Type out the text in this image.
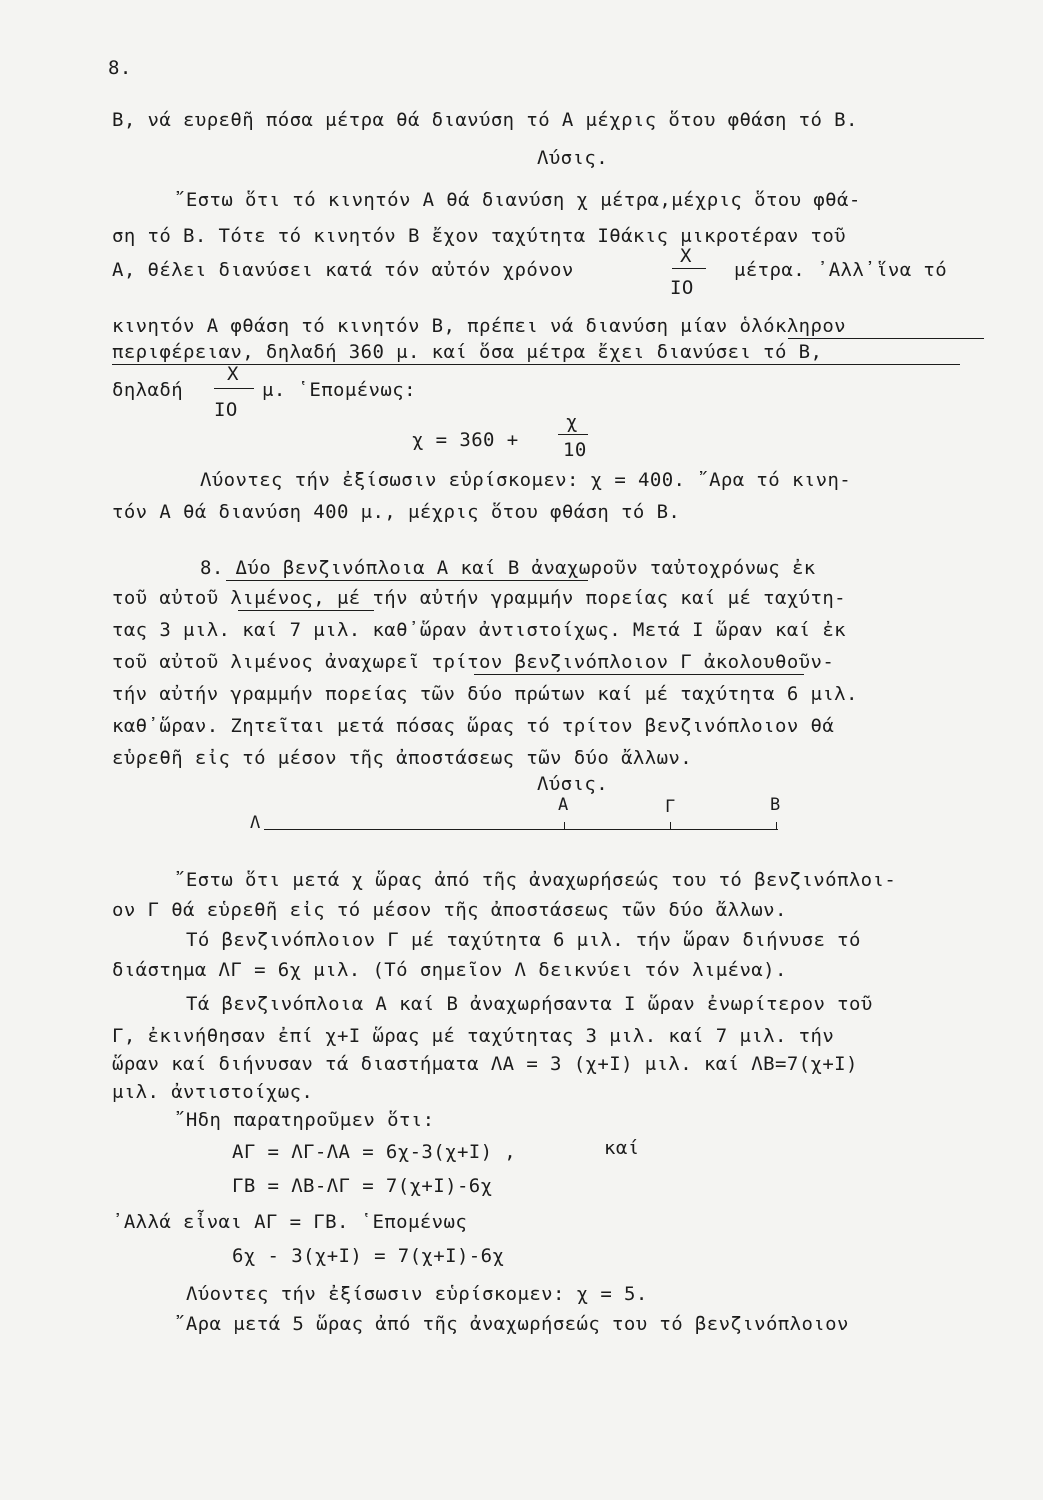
8.
Β, νά ευρεθῆ πόσα μέτρα θά διανύση τό Α μέχρις ὅτου φθάση τό Β.
Λύσις.
῎Εστω ὅτι τό κινητόν Α θά διανύση χ μέτρα,μέχρις ὅτου φθά-
ση τό Β. Τότε τό κινητόν Β ἔχον ταχύτητα Ιθάκις μικροτέραν τοῦ
Α, θέλει διανύσει κατά τόν αὐτόν χρόνον
Χ
ΙΟ
μέτρα. ᾿Αλλ᾿ἵνα τό
κινητόν Α φθάση τό κινητόν Β, πρέπει νά διανύση μίαν ὁλόκληρον
περιφέρειαν, δηλαδή 360 μ. καί ὅσα μέτρα ἔχει διανύσει τό Β,
δηλαδή
Χ
ΙΟ
μ. ῾Επομένως:
χ = 360 +
χ
10
Λύοντες τήν ἐξίσωσιν εὑρίσκομεν: χ = 400. ῎Αρα τό κινη-
τόν Α θά διανύση 400 μ., μέχρις ὅτου φθάση τό Β.
8. Δύο βενζινόπλοια Α καί Β ἀναχωροῦν ταὐτοχρόνως ἐκ
τοῦ αὐτοῦ λιμένος, μέ τήν αὐτήν γραμμήν πορείας καί μέ ταχύτη-
τας 3 μιλ. καί 7 μιλ. καθ᾿ὥραν ἀντιστοίχως. Μετά Ι ὥραν καί ἐκ
τοῦ αὐτοῦ λιμένος ἀναχωρεῖ τρίτον βενζινόπλοιον Γ ἀκολουθοῦν-
τήν αὐτήν γραμμήν πορείας τῶν δύο πρώτων καί μέ ταχύτητα 6 μιλ.
καθ᾿ὥραν. Ζητεῖται μετά πόσας ὥρας τό τρίτον βενζινόπλοιον θά
εὑρεθῆ εἰς τό μέσον τῆς ἀποστάσεως τῶν δύο ἄλλων.
Λύσις.
Λ
Α	Γ	Β
῎Εστω ὅτι μετά χ ὥρας ἀπό τῆς ἀναχωρήσεώς του τό βενζινόπλοι-
ον Γ θά εὑρεθῆ εἰς τό μέσον τῆς ἀποστάσεως τῶν δύο ἄλλων.
Τό βενζινόπλοιον Γ μέ ταχύτητα 6 μιλ. τήν ὥραν διήνυσε τό
διάστημα ΛΓ = 6χ μιλ. (Τό σημεῖον Λ δεικνύει τόν λιμένα).
Τά βενζινόπλοια Α καί Β ἀναχωρήσαντα Ι ὥραν ἐνωρίτερον τοῦ
Γ, ἐκινήθησαν ἐπί χ+Ι ὥρας μέ ταχύτητας 3 μιλ. καί 7 μιλ. τήν
ὥραν καί διήνυσαν τά διαστήματα ΛΑ = 3 (χ+Ι) μιλ. καί ΛΒ=7(χ+Ι)
μιλ. ἀντιστοίχως.
῎Ηδη παρατηροῦμεν ὅτι:
ΑΓ = ΛΓ-ΛΑ = 6χ-3(χ+Ι) ,	καί
ΓΒ = ΛΒ-ΛΓ = 7(χ+Ι)-6χ
᾿Αλλά εἶναι ΑΓ = ΓΒ. ῾Επομένως
6χ - 3(χ+Ι) = 7(χ+Ι)-6χ
Λύοντες τήν ἐξίσωσιν εὑρίσκομεν: χ = 5.
῎Αρα μετά 5 ὥρας ἀπό τῆς ἀναχωρήσεώς του τό βενζινόπλοιον
